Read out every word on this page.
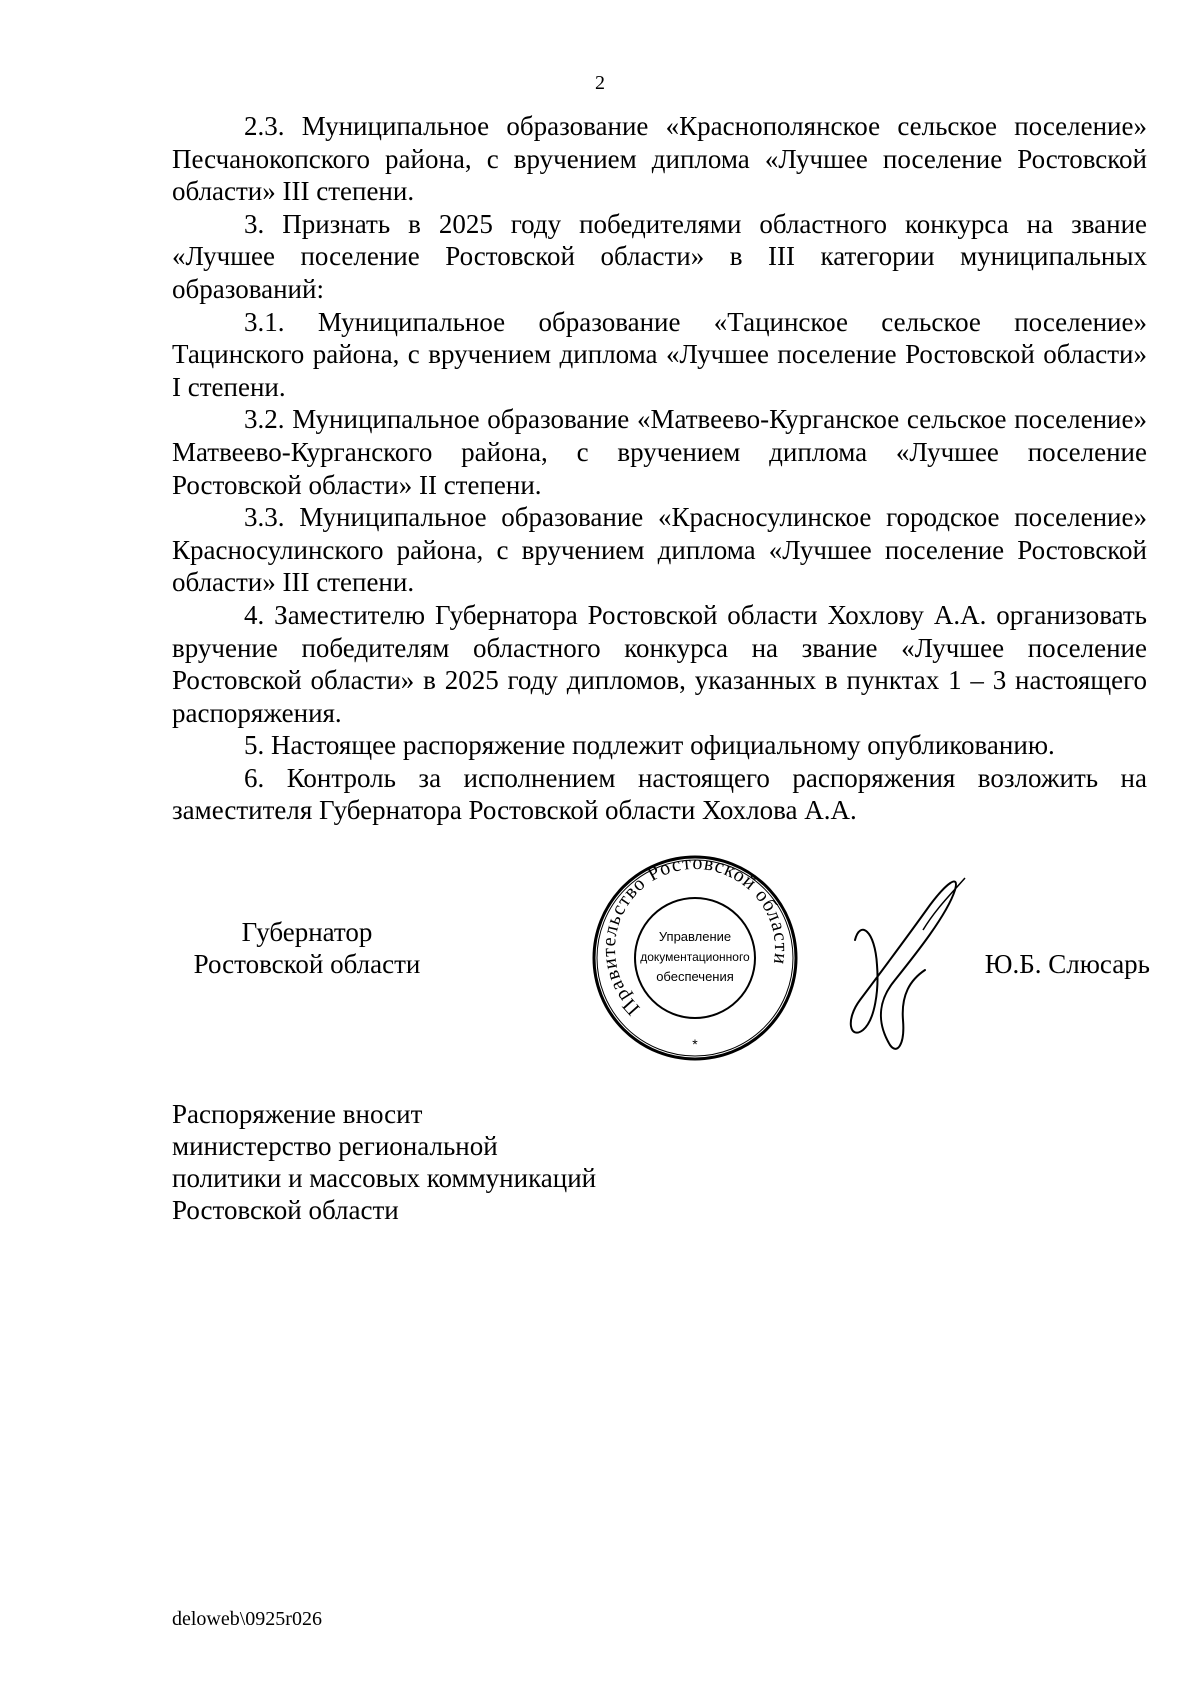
2

2.3. Муниципальное образование «Краснополянское сельское поселение» Песчанокопского района, с вручением диплома «Лучшее поселение Ростовской области» III степени.

3. Признать в 2025 году победителями областного конкурса на звание «Лучшее поселение Ростовской области» в III категории муниципальных образований:

3.1. Муниципальное образование «Тацинское сельское поселение» Тацинского района, с вручением диплома «Лучшее поселение Ростовской области» I степени.

3.2. Муниципальное образование «Матвеево-Курганское сельское поселение» Матвеево-Курганского района, с вручением диплома «Лучшее поселение Ростовской области» II степени.

3.3. Муниципальное образование «Красносулинское городское поселение» Красносулинского района, с вручением диплома «Лучшее поселение Ростовской области» III степени.

4. Заместителю Губернатора Ростовской области Хохлову А.А. организовать вручение победителям областного конкурса на звание «Лучшее поселение Ростовской области» в 2025 году дипломов, указанных в пунктах 1 – 3 настоящего распоряжения.

5. Настоящее распоряжение подлежит официальному опубликованию.

6. Контроль за исполнением настоящего распоряжения возложить на заместителя Губернатора Ростовской области Хохлова А.А.

Губернатор
Ростовской области
Правительство Ростовской области
Управление
документационного
обеспечения
*
Ю.Б. Слюсарь
Распоряжение вносит
министерство региональной
политики и массовых коммуникаций
Ростовской области
deloweb\0925r026
